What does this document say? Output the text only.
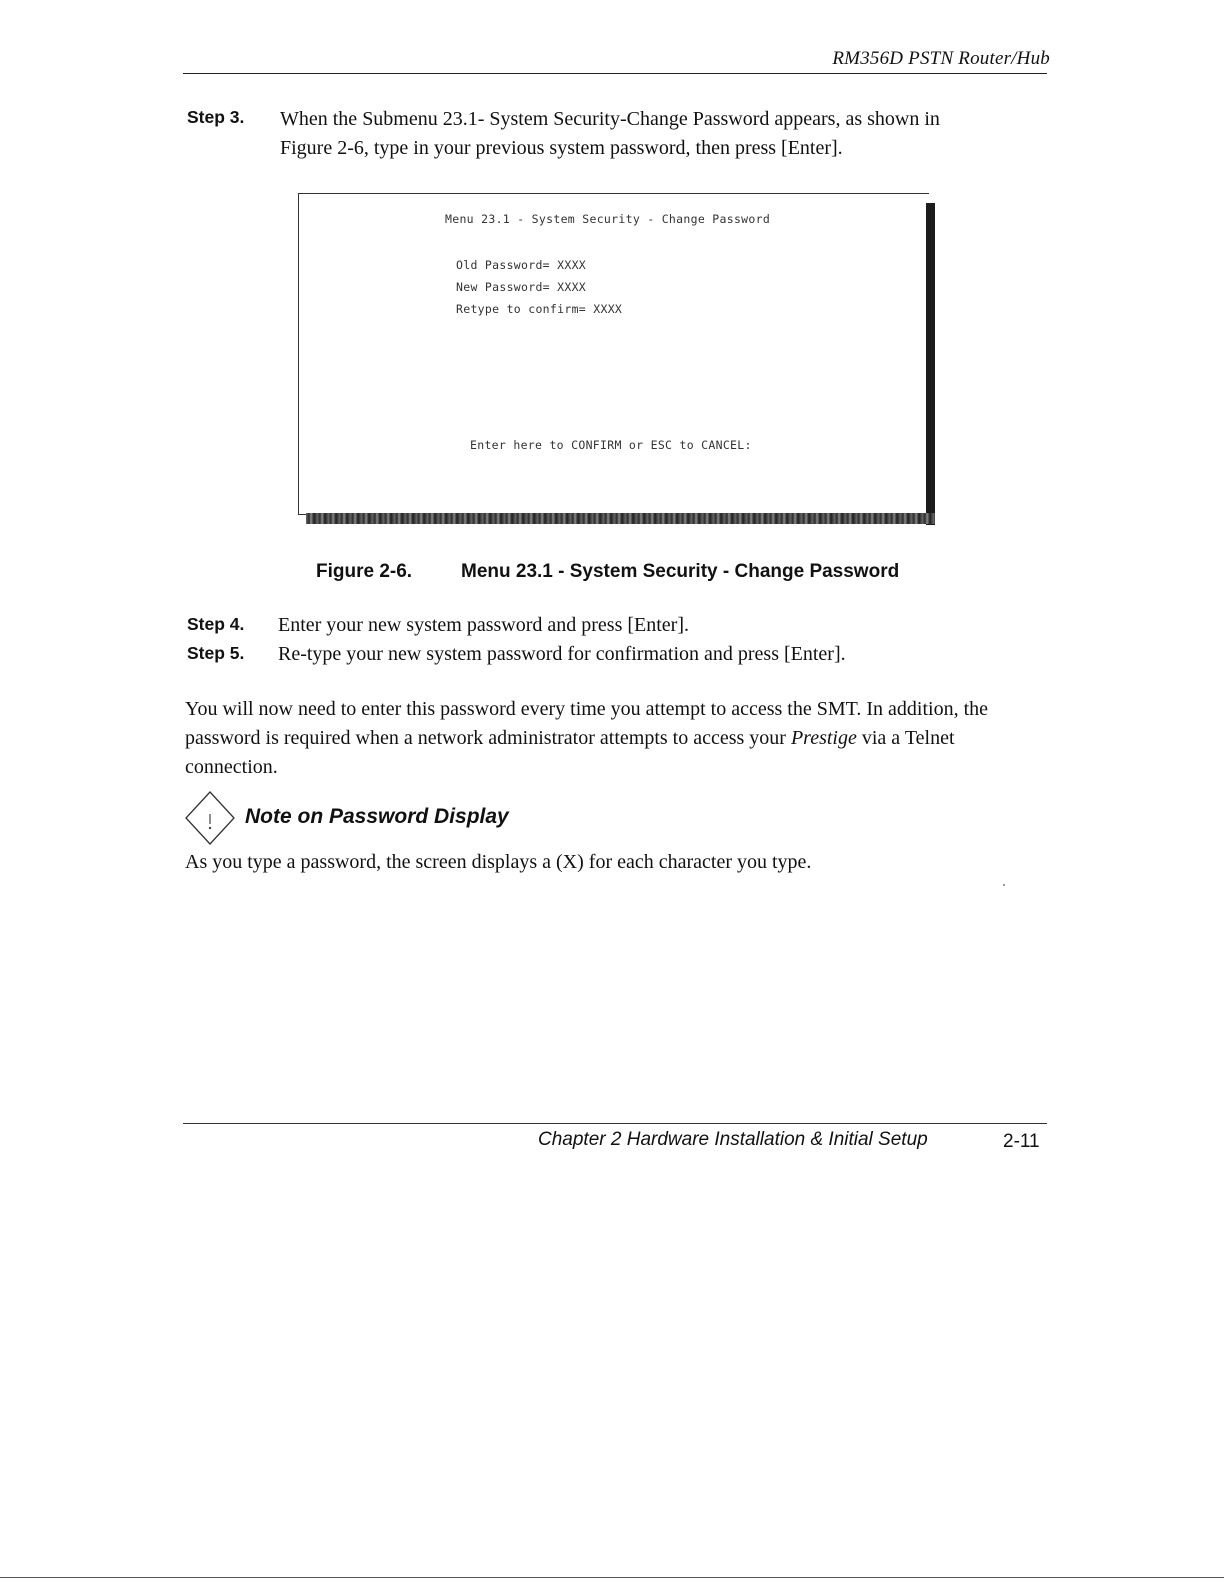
RM356D PSTN Router/Hub
Step 3. When the Submenu 23.1- System Security-Change Password appears, as shown in
Figure 2-6, type in your previous system password, then press [Enter].
Menu 23.1 - System Security - Change Password
Old Password= XXXX
New Password= XXXX
Retype to confirm= XXXX
Enter here to CONFIRM or ESC to CANCEL:
Figure 2-6.	Menu 23.1 - System Security - Change Password
Step 4. Enter your new system password and press [Enter].
Step 5. Re-type your new system password for confirmation and press [Enter].
You will now need to enter this password every time you attempt to access the SMT. In addition, the password is required when a network administrator attempts to access your Prestige via a Telnet connection.
Note on Password Display
As you type a password, the screen displays a (X) for each character you type.
Chapter 2 Hardware Installation & Initial Setup	2-11
